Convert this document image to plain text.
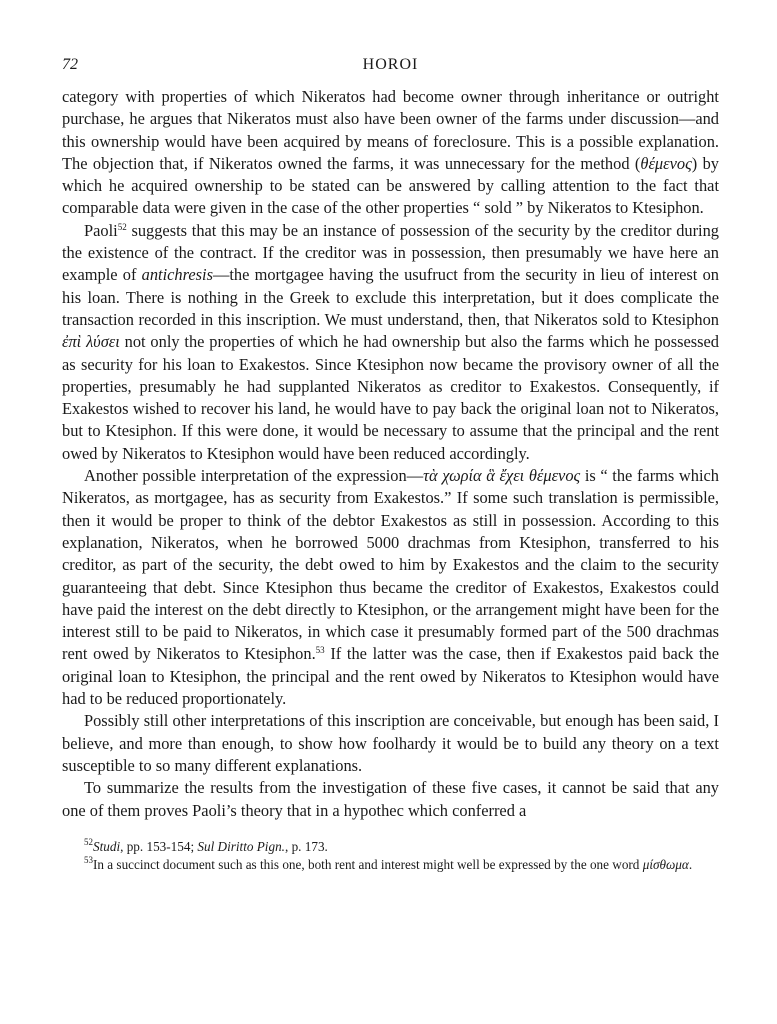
72	HOROI

category with properties of which Nikeratos had become owner through inheritance or outright purchase, he argues that Nikeratos must also have been owner of the farms under discussion—and this ownership would have been acquired by means of foreclosure. This is a possible explanation. The objection that, if Nikeratos owned the farms, it was unnecessary for the method (θέμενος) by which he acquired ownership to be stated can be answered by calling attention to the fact that comparable data were given in the case of the other properties “ sold ” by Nikeratos to Ktesiphon.

Paoli$^{52}$ suggests that this may be an instance of possession of the security by the creditor during the existence of the contract. If the creditor was in possession, then presumably we have here an example of antichresis—the mortgagee having the usufruct from the security in lieu of interest on his loan. There is nothing in the Greek to exclude this interpretation, but it does complicate the transaction recorded in this inscription. We must understand, then, that Nikeratos sold to Ktesiphon ἐπὶ λύσει not only the properties of which he had ownership but also the farms which he possessed as security for his loan to Exakestos. Since Ktesiphon now became the provisory owner of all the properties, presumably he had supplanted Nikeratos as creditor to Exakestos. Consequently, if Exakestos wished to recover his land, he would have to pay back the original loan not to Nikeratos, but to Ktesiphon. If this were done, it would be necessary to assume that the principal and the rent owed by Nikeratos to Ktesiphon would have been reduced accordingly.

Another possible interpretation of the expression—τὰ χωρία ἃ ἔχει θέμενος is “ the farms which Nikeratos, as mortgagee, has as security from Exakestos.” If some such translation is permissible, then it would be proper to think of the debtor Exakestos as still in possession. According to this explanation, Nikeratos, when he borrowed 5000 drachmas from Ktesiphon, transferred to his creditor, as part of the security, the debt owed to him by Exakestos and the claim to the security guaranteeing that debt. Since Ktesiphon thus became the creditor of Exakestos, Exakestos could have paid the interest on the debt directly to Ktesiphon, or the arrangement might have been for the interest still to be paid to Nikeratos, in which case it presumably formed part of the 500 drachmas rent owed by Nikeratos to Ktesiphon.$^{53}$ If the latter was the case, then if Exakestos paid back the original loan to Ktesiphon, the principal and the rent owed by Nikeratos to Ktesiphon would have had to be reduced proportionately.

Possibly still other interpretations of this inscription are conceivable, but enough has been said, I believe, and more than enough, to show how foolhardy it would be to build any theory on a text susceptible to so many different explanations.

To summarize the results from the investigation of these five cases, it cannot be said that any one of them proves Paoli’s theory that in a hypothec which conferred a

$^{52}$Studi, pp. 153-154; Sul Diritto Pign., p. 173.

$^{53}$In a succinct document such as this one, both rent and interest might well be expressed by the one word μίσθωμα.
